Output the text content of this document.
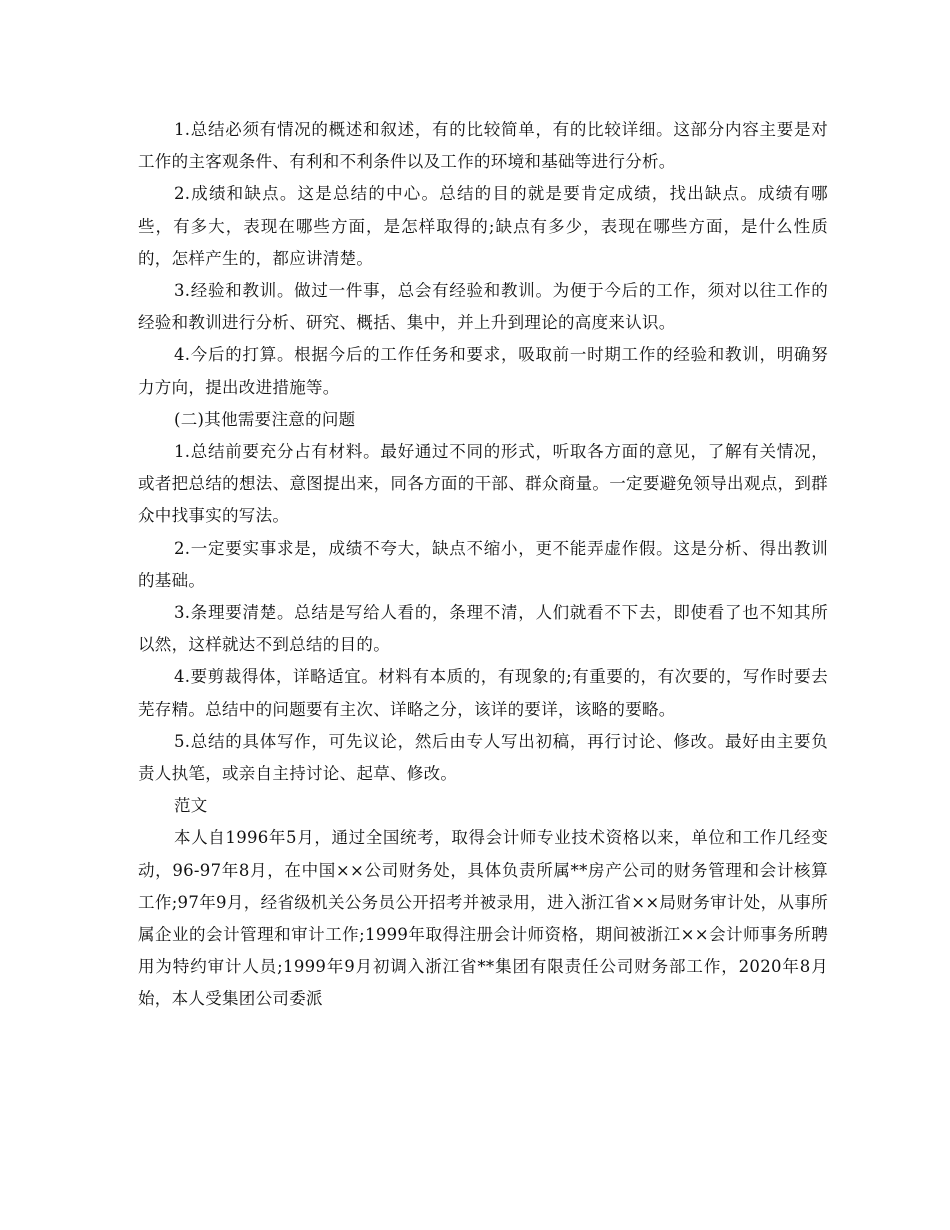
1.总结必须有情况的概述和叙述，有的比较简单，有的比较详细。这部分内容主要是对工作的主客观条件、有利和不利条件以及工作的环境和基础等进行分析。

2.成绩和缺点。这是总结的中心。总结的目的就是要肯定成绩，找出缺点。成绩有哪些，有多大，表现在哪些方面，是怎样取得的;缺点有多少，表现在哪些方面，是什么性质的，怎样产生的，都应讲清楚。

3.经验和教训。做过一件事，总会有经验和教训。为便于今后的工作，须对以往工作的经验和教训进行分析、研究、概括、集中，并上升到理论的高度来认识。

4.今后的打算。根据今后的工作任务和要求，吸取前一时期工作的经验和教训，明确努力方向，提出改进措施等。

(二)其他需要注意的问题

1.总结前要充分占有材料。最好通过不同的形式，听取各方面的意见，了解有关情况，或者把总结的想法、意图提出来，同各方面的干部、群众商量。一定要避免领导出观点，到群众中找事实的写法。

2.一定要实事求是，成绩不夸大，缺点不缩小，更不能弄虚作假。这是分析、得出教训的基础。

3.条理要清楚。总结是写给人看的，条理不清，人们就看不下去，即使看了也不知其所以然，这样就达不到总结的目的。

4.要剪裁得体，详略适宜。材料有本质的，有现象的;有重要的，有次要的，写作时要去芜存精。总结中的问题要有主次、详略之分，该详的要详，该略的要略。

5.总结的具体写作，可先议论，然后由专人写出初稿，再行讨论、修改。最好由主要负责人执笔，或亲自主持讨论、起草、修改。

范文

本人自1996年5月，通过全国统考，取得会计师专业技术资格以来，单位和工作几经变动，96-97年8月，在中国××公司财务处，具体负责所属**房产公司的财务管理和会计核算工作;97年9月，经省级机关公务员公开招考并被录用，进入浙江省××局财务审计处，从事所属企业的会计管理和审计工作;1999年取得注册会计师资格，期间被浙江××会计师事务所聘用为特约审计人员;1999年9月初调入浙江省**集团有限责任公司财务部工作，2020年8月始，本人受集团公司委派
